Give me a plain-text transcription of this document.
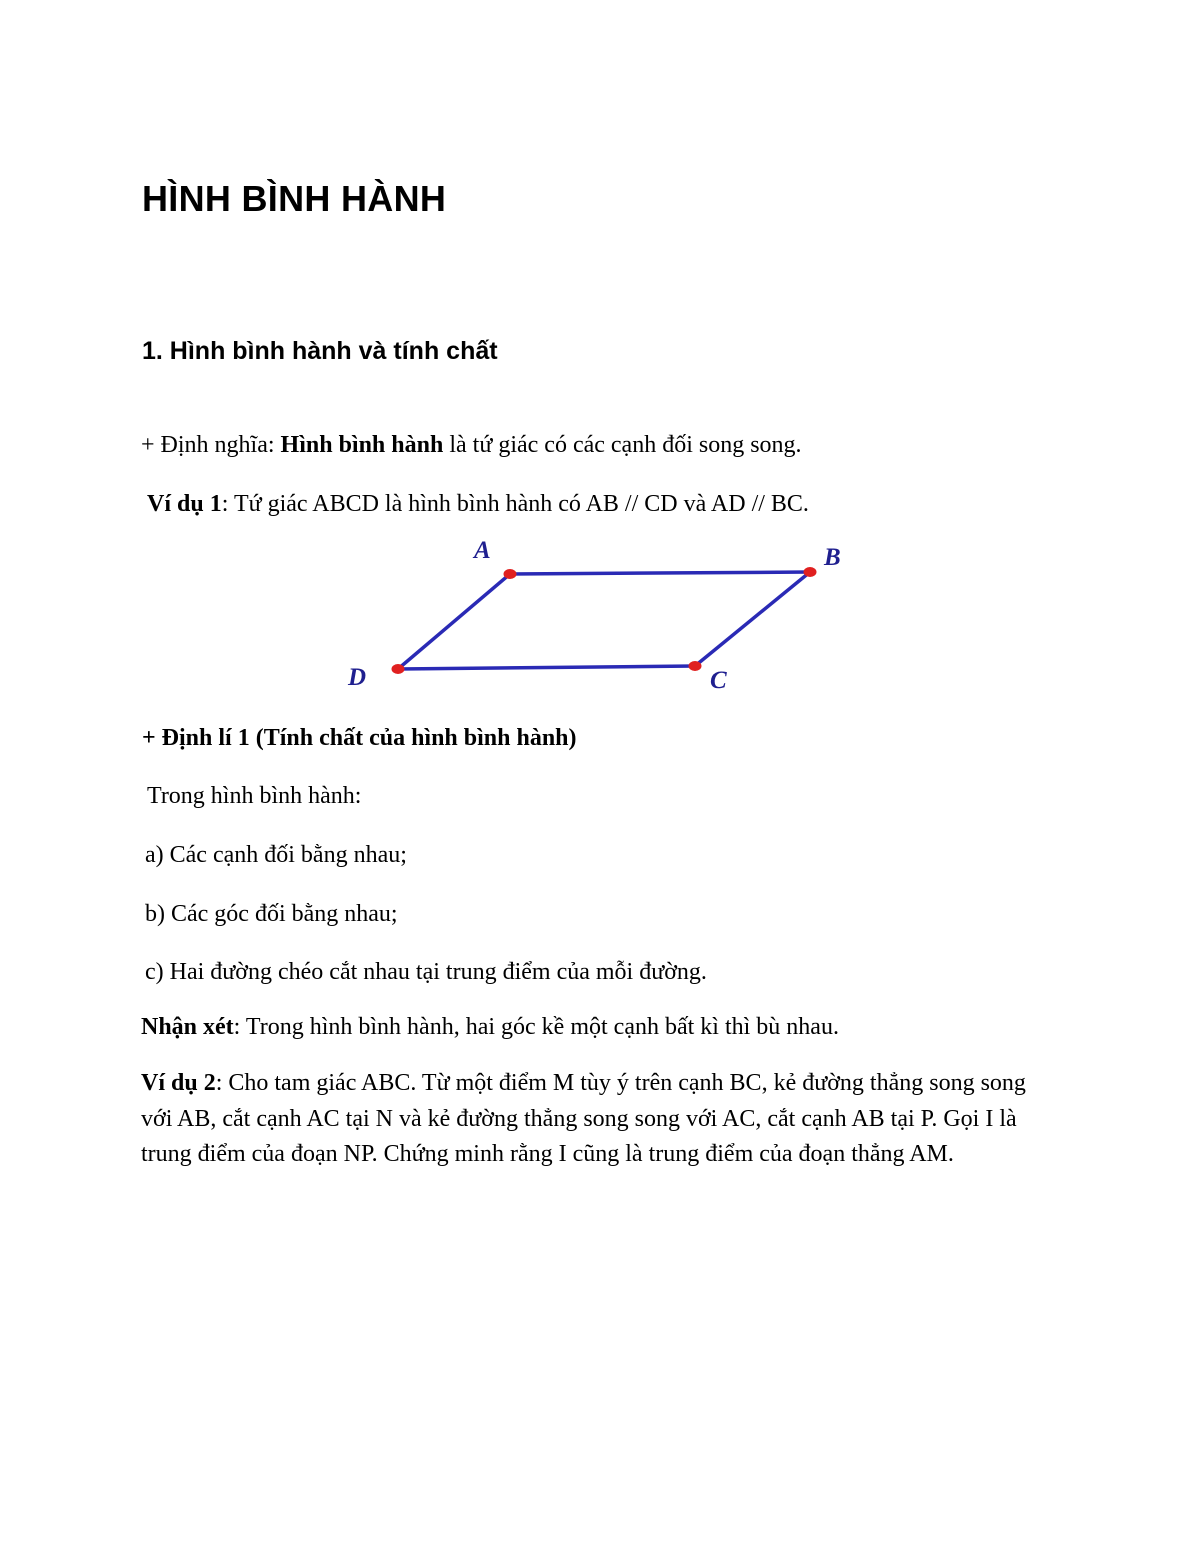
HÌNH BÌNH HÀNH
1. Hình bình hành và tính chất

+ Định nghĩa: Hình bình hành là tứ giác có các cạnh đối song song.

Ví dụ 1: Tứ giác ABCD là hình bình hành có AB // CD và AD // BC.

A	B
C
D

+ Định lí 1 (Tính chất của hình bình hành)

Trong hình bình hành:

a) Các cạnh đối bằng nhau;

b) Các góc đối bằng nhau;

c) Hai đường chéo cắt nhau tại trung điểm của mỗi đường.

Nhận xét: Trong hình bình hành, hai góc kề một cạnh bất kì thì bù nhau.

Ví dụ 2: Cho tam giác ABC. Từ một điểm M tùy ý trên cạnh BC, kẻ đường thẳng song song với AB, cắt cạnh AC tại N và kẻ đường thẳng song song với AC, cắt cạnh AB tại P. Gọi I là trung điểm của đoạn NP. Chứng minh rằng I cũng là trung điểm của đoạn thẳng AM.
